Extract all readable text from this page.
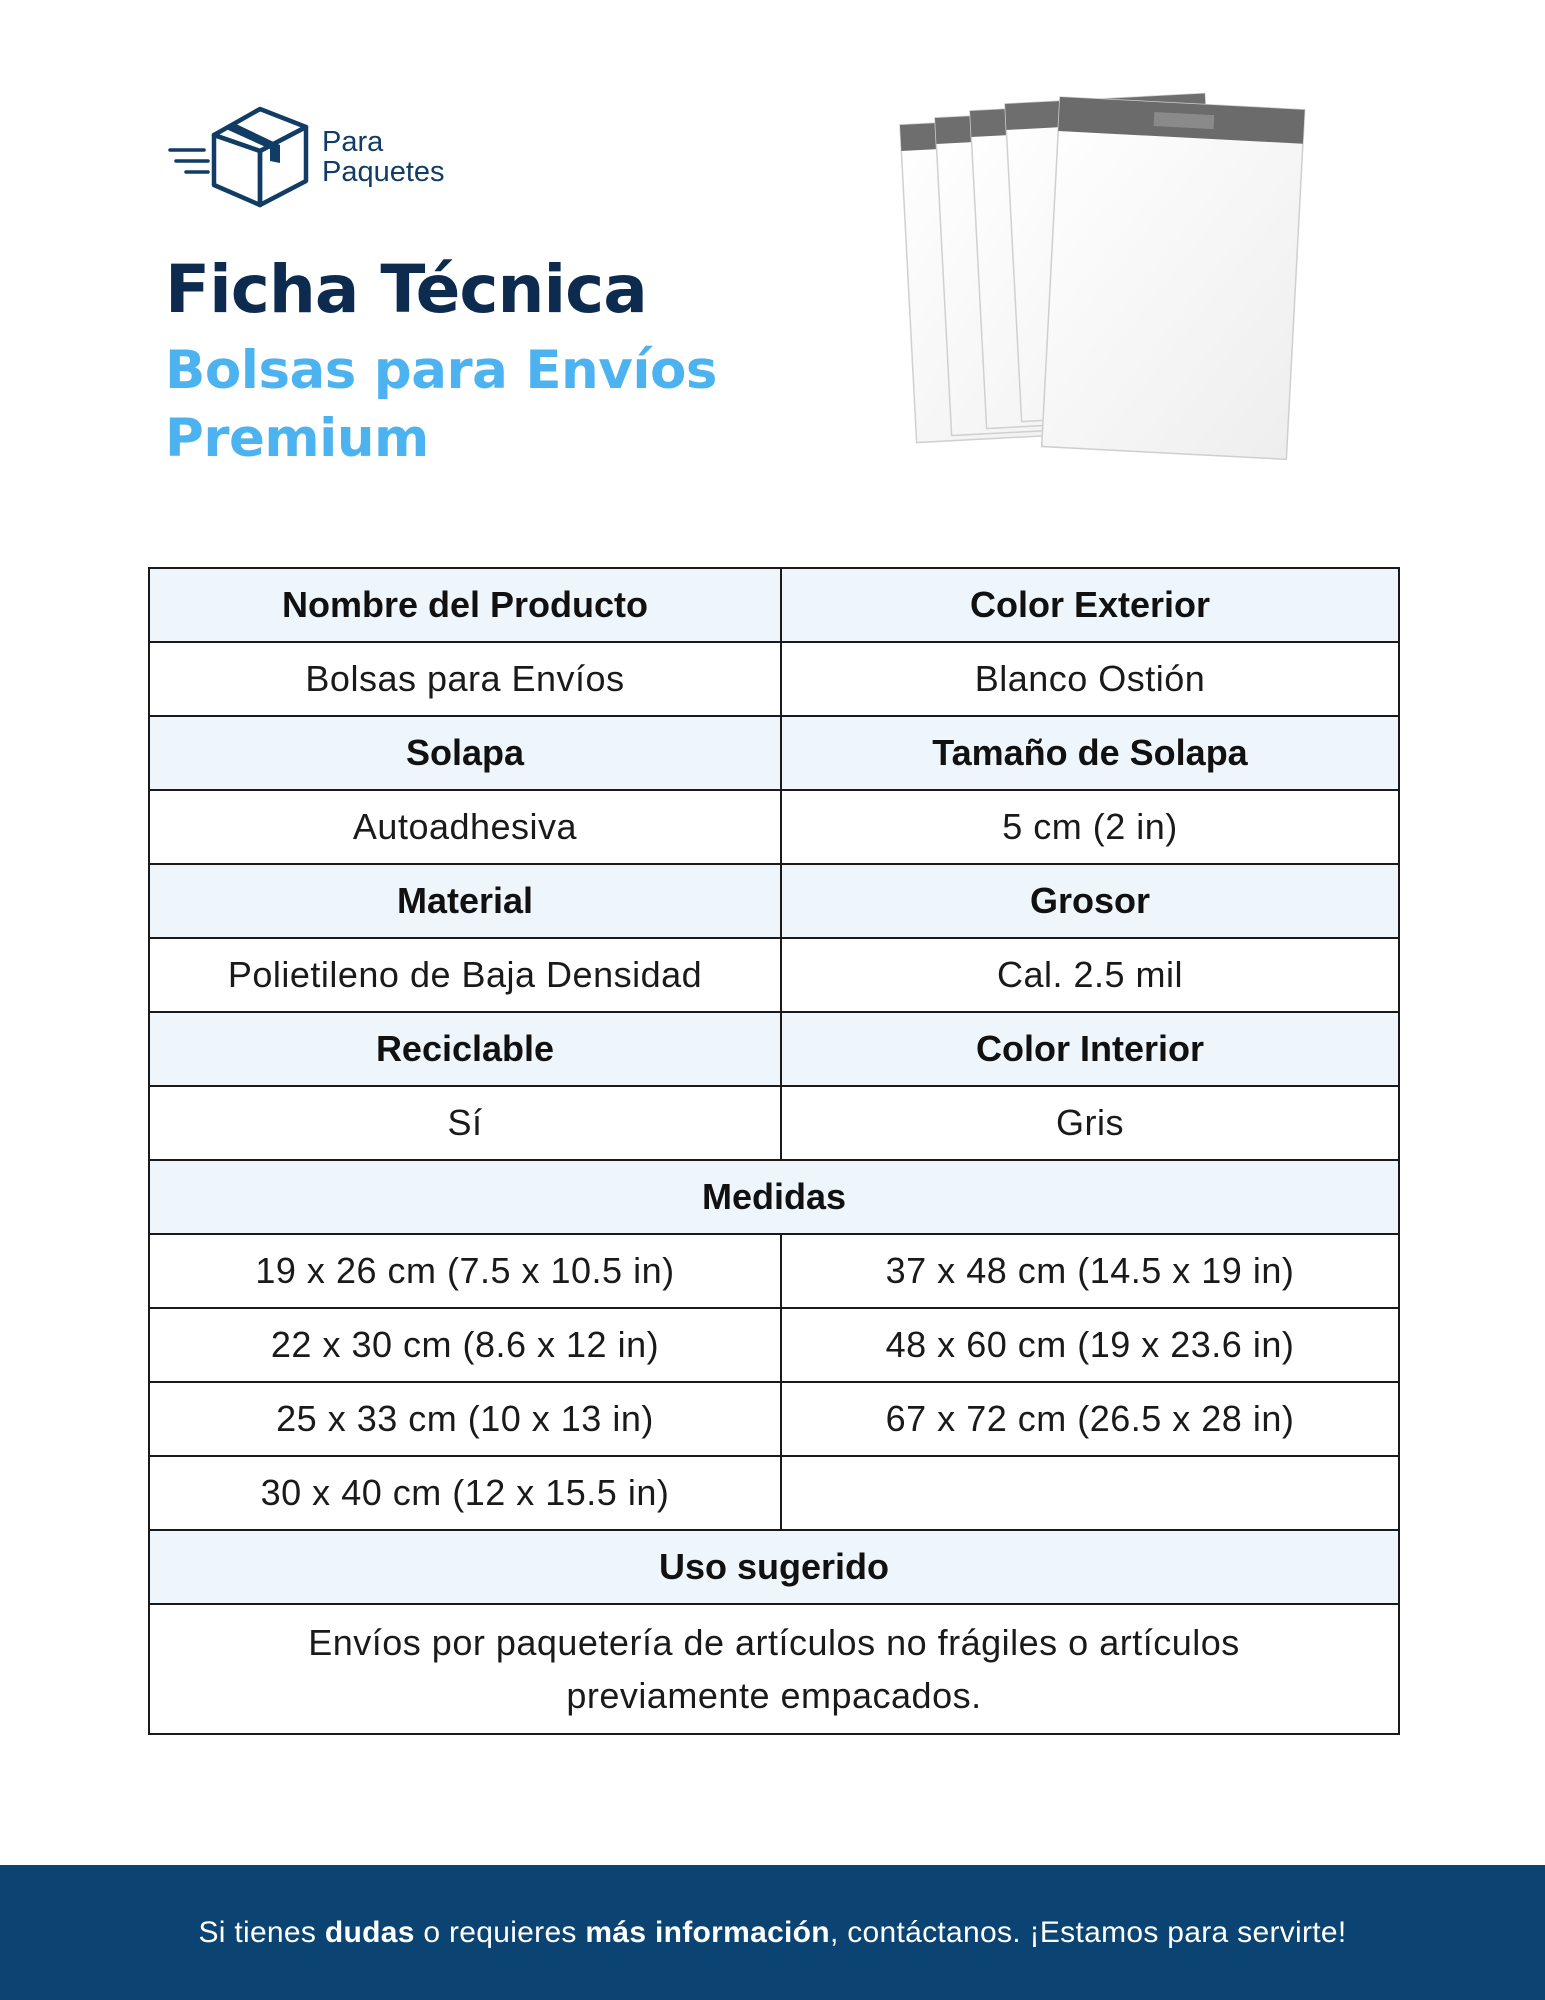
Para
Paquetes
Ficha Técnica
Bolsas para Envíos
Premium
Nombre del Producto	Color Exterior
Bolsas para Envíos	Blanco Ostión
Solapa	Tamaño de Solapa
Autoadhesiva	5 cm (2 in)
Material	Grosor
Polietileno de Baja Densidad	Cal. 2.5 mil
Reciclable	Color Interior
Sí	Gris
Medidas	
19 x 26 cm (7.5 x 10.5 in)	37 x 48 cm (14.5 x 19 in)
22 x 30 cm (8.6 x 12 in)	48 x 60 cm (19 x 23.6 in)
25 x 33 cm (10 x 13 in)	67 x 72 cm (26.5 x 28 in)
30 x 40 cm (12 x 15.5 in)	
Uso sugerido	

Envíos por paquetería de artículos no frágiles o artículos
previamente empacados.	
Si tienes dudas o requieres más información, contáctanos. ¡Estamos para servirte!
